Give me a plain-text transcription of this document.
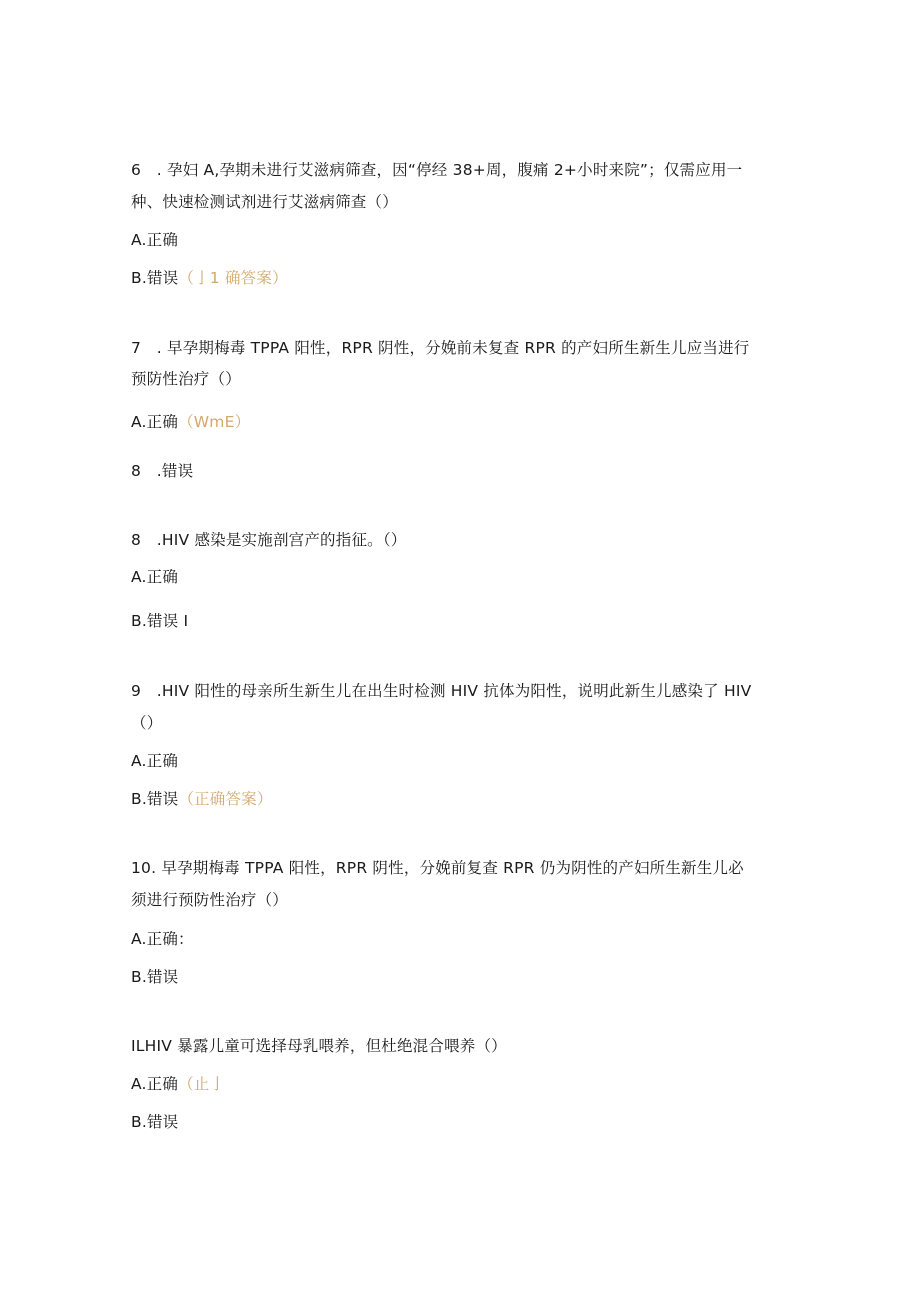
6　. 孕妇 A,孕期未进行艾滋病筛查，因“停经 38+周，腹痛 2+小时来院”；仅需应用一
种、快速检测试剂进行艾滋病筛查（）
A.正确
B.错误（亅1 确答案）
7　. 早孕期梅毒 TPPA 阳性，RPR 阴性，分娩前未复查 RPR 的产妇所生新生儿应当进行
预防性治疗（）
A.正确（WmE）
8　.错误
8　.HIV 感染是实施剖宫产的指征。（）
A.正确
B.错误 I
9　.HIV 阳性的母亲所生新生儿在出生时检测 HIV 抗体为阳性，说明此新生儿感染了 HIV
（）
A.正确
B.错误（正确答案）
10. 早孕期梅毒 TPPA 阳性，RPR 阴性，分娩前复查 RPR 仍为阴性的产妇所生新生儿必
须进行预防性治疗（）
A.正确：
B.错误
ILHIV 暴露儿童可选择母乳喂养，但杜绝混合喂养（）
A.正确（止亅
B.错误
